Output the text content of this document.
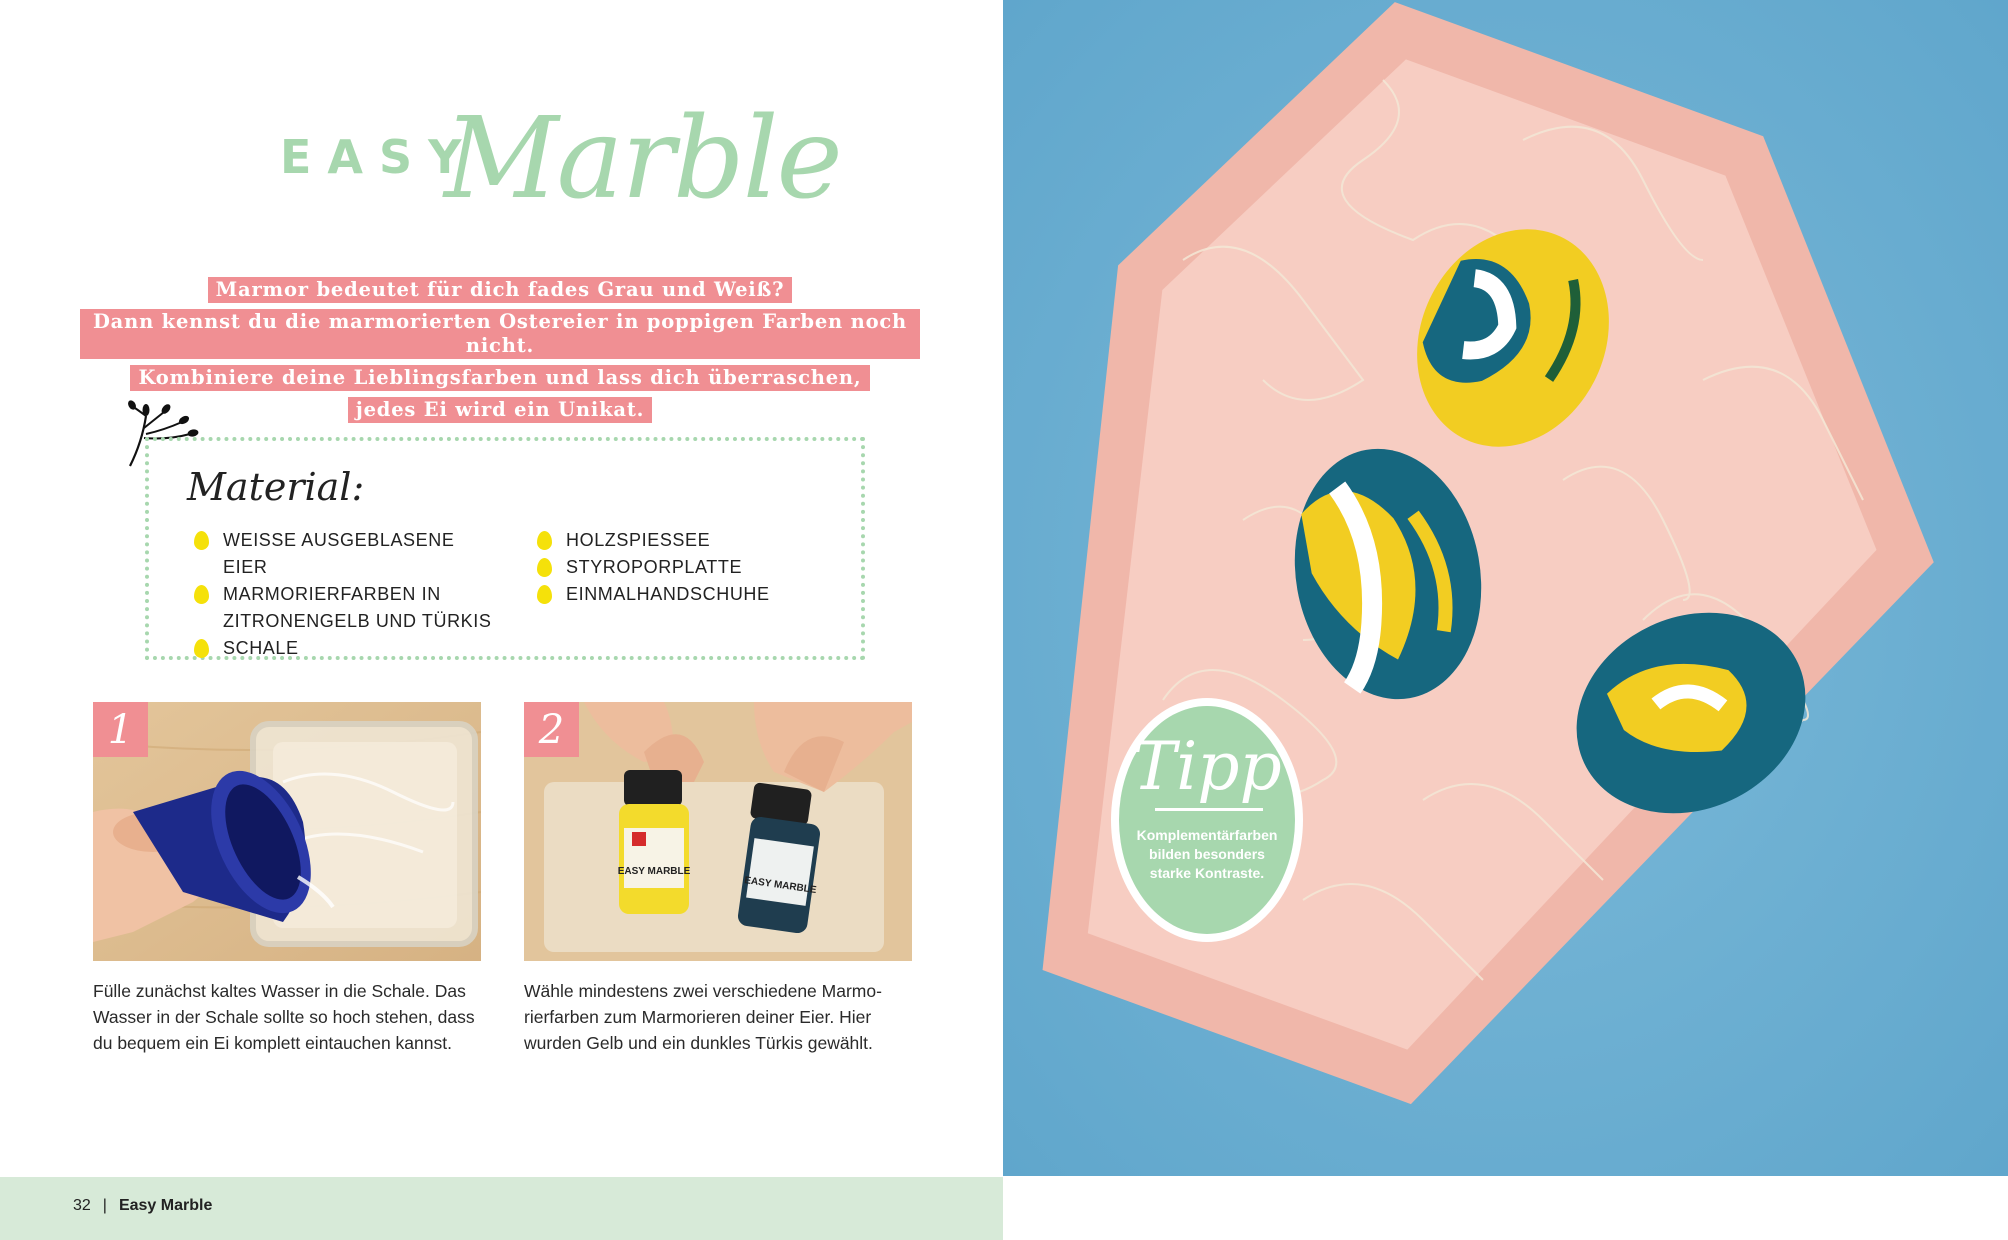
EASY
Marble
Marmor bedeutet für dich fades Grau und Weiß?
Dann kennst du die marmorierten Ostereier in poppigen Farben noch nicht.
Kombiniere deine Lieblingsfarben und lass dich überraschen,
jedes Ei wird ein Unikat.
Material:
WEISSE AUSGEBLASENE EIER
MARMORIERFARBEN IN
ZITRONENGELB UND TÜRKIS
SCHALE
HOLZSPIESSEE
STYROPORPLATTE
EINMALHANDSCHUHE
1	2
EASY MARBLE
EASY MARBLE
Fülle zunächst kaltes Wasser in die Schale. Das
Wasser in der Schale sollte so hoch stehen, dass
du bequem ein Ei komplett eintauchen kannst.
Wähle mindestens zwei verschiedene Marmo-
rierfarben zum Marmorieren deiner Eier. Hier
wurden Gelb und ein dunkles Türkis gewählt.
32 | Easy Marble
Tipp
Komplementärfarben
bilden besonders
starke Kontraste.
